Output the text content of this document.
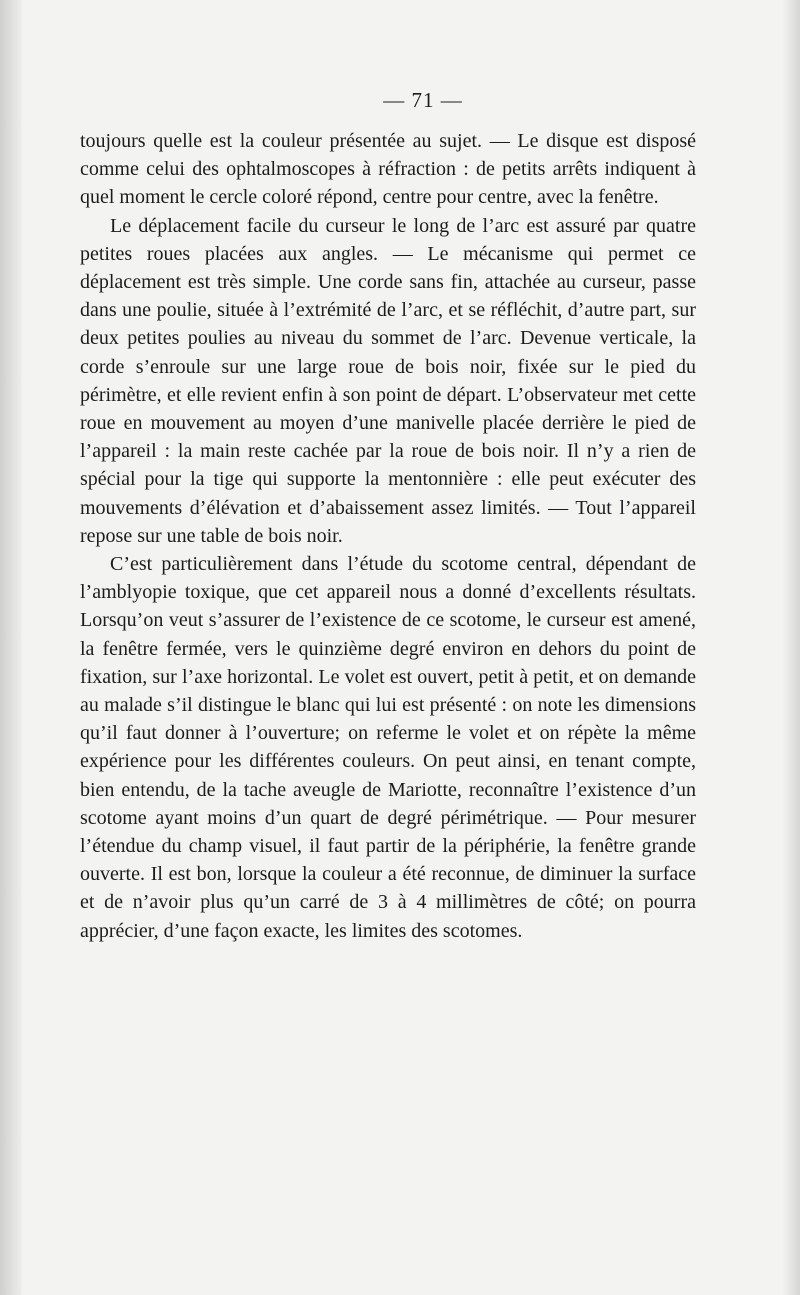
— 71 —

toujours quelle est la couleur présentée au sujet. — Le disque est disposé comme celui des ophtalmoscopes à réfraction : de petits arrêts indiquent à quel moment le cercle coloré répond, centre pour centre, avec la fenêtre.

Le déplacement facile du curseur le long de l’arc est assuré par quatre petites roues placées aux angles. — Le mécanisme qui permet ce déplacement est très simple. Une corde sans fin, attachée au curseur, passe dans une poulie, située à l’extrémité de l’arc, et se réfléchit, d’autre part, sur deux petites poulies au niveau du sommet de l’arc. Devenue verticale, la corde s’enroule sur une large roue de bois noir, fixée sur le pied du périmètre, et elle revient enfin à son point de départ. L’observateur met cette roue en mouvement au moyen d’une manivelle placée derrière le pied de l’appareil : la main reste cachée par la roue de bois noir. Il n’y a rien de spécial pour la tige qui supporte la mentonnière : elle peut exécuter des mouvements d’élévation et d’abaissement assez limités. — Tout l’appareil repose sur une table de bois noir.

C’est particulièrement dans l’étude du scotome central, dépendant de l’amblyopie toxique, que cet appareil nous a donné d’excellents résultats. Lorsqu’on veut s’assurer de l’existence de ce scotome, le curseur est amené, la fenêtre fermée, vers le quinzième degré environ en dehors du point de fixation, sur l’axe horizontal. Le volet est ouvert, petit à petit, et on demande au malade s’il distingue le blanc qui lui est présenté : on note les dimensions qu’il faut donner à l’ouverture; on referme le volet et on répète la même expérience pour les différentes couleurs. On peut ainsi, en tenant compte, bien entendu, de la tache aveugle de Mariotte, reconnaître l’existence d’un scotome ayant moins d’un quart de degré périmétrique. — Pour mesurer l’étendue du champ visuel, il faut partir de la périphérie, la fenêtre grande ouverte. Il est bon, lorsque la couleur a été reconnue, de diminuer la surface et de n’avoir plus qu’un carré de 3 à 4 millimètres de côté; on pourra apprécier, d’une façon exacte, les limites des scotomes.
